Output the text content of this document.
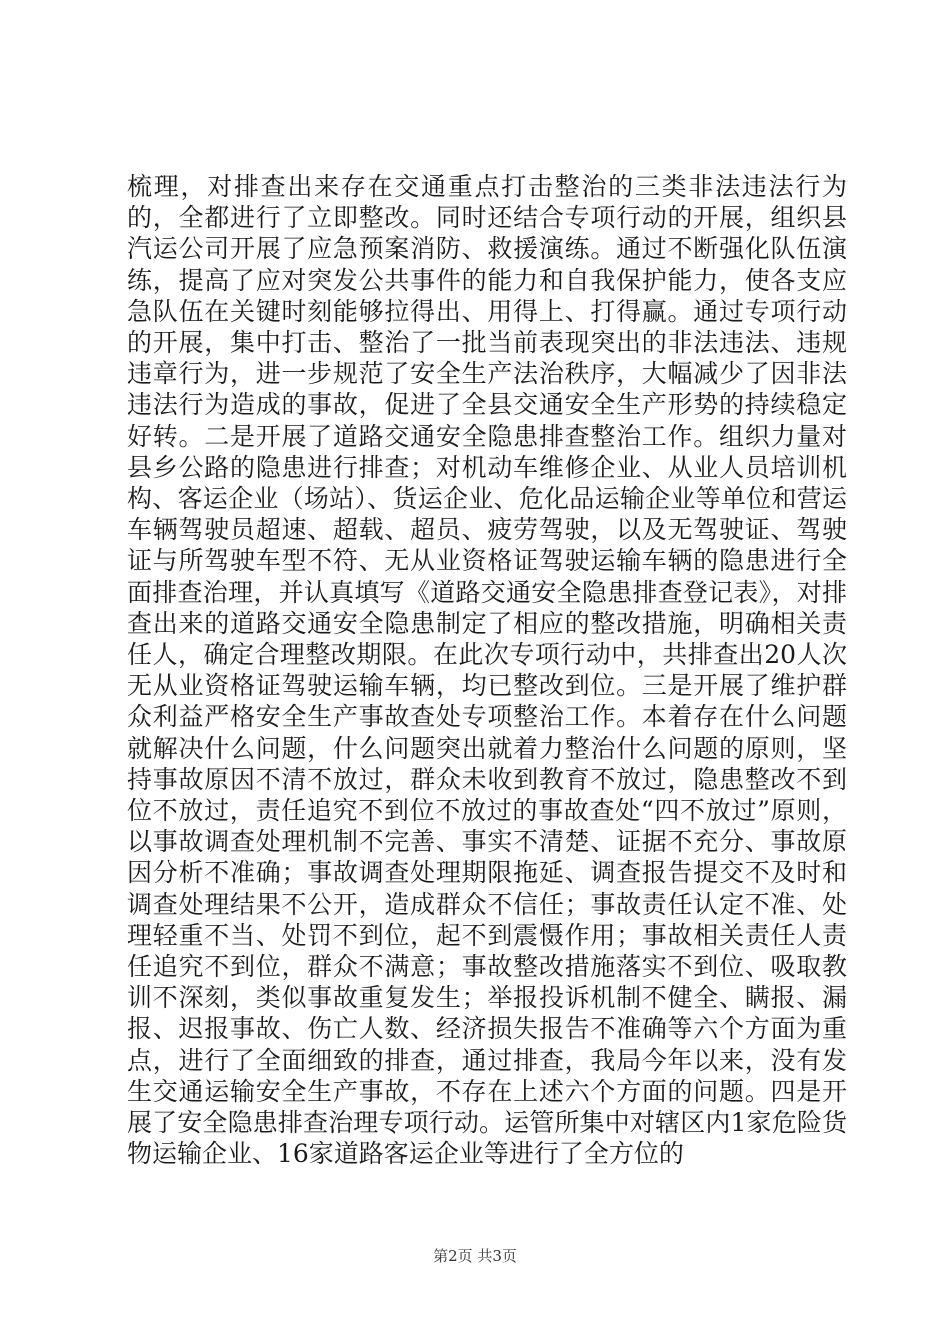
梳理，对排查出来存在交通重点打击整治的三类非法违法行为的，全都进行了立即整改。同时还结合专项行动的开展，组织县汽运公司开展了应急预案消防、救援演练。通过不断强化队伍演练，提高了应对突发公共事件的能力和自我保护能力，使各支应急队伍在关键时刻能够拉得出、用得上、打得赢。通过专项行动的开展，集中打击、整治了一批当前表现突出的非法违法、违规违章行为，进一步规范了安全生产法治秩序，大幅减少了因非法违法行为造成的事故，促进了全县交通安全生产形势的持续稳定好转。二是开展了道路交通安全隐患排查整治工作。组织力量对县乡公路的隐患进行排查；对机动车维修企业、从业人员培训机构、客运企业（场站）、货运企业、危化品运输企业等单位和营运车辆驾驶员超速、超载、超员、疲劳驾驶，以及无驾驶证、驾驶证与所驾驶车型不符、无从业资格证驾驶运输车辆的隐患进行全面排查治理，并认真填写《道路交通安全隐患排查登记表》，对排查出来的道路交通安全隐患制定了相应的整改措施，明确相关责任人，确定合理整改期限。在此次专项行动中，共排查出20人次无从业资格证驾驶运输车辆，均已整改到位。三是开展了维护群众利益严格安全生产事故查处专项整治工作。本着存在什么问题就解决什么问题，什么问题突出就着力整治什么问题的原则，坚持事故原因不清不放过，群众未收到教育不放过，隐患整改不到位不放过，责任追究不到位不放过的事故查处“四不放过”原则，以事故调查处理机制不完善、事实不清楚、证据不充分、事故原因分析不准确；事故调查处理期限拖延、调查报告提交不及时和调查处理结果不公开，造成群众不信任；事故责任认定不准、处理轻重不当、处罚不到位，起不到震慑作用；事故相关责任人责任追究不到位，群众不满意；事故整改措施落实不到位、吸取教训不深刻，类似事故重复发生；举报投诉机制不健全、瞒报、漏报、迟报事故、伤亡人数、经济损失报告不准确等六个方面为重点，进行了全面细致的排查，通过排查，我局今年以来，没有发生交通运输安全生产事故，不存在上述六个方面的问题。四是开展了安全隐患排查治理专项行动。运管所集中对辖区内1家危险货物运输企业、16家道路客运企业等进行了全方位的

第2页 共3页
